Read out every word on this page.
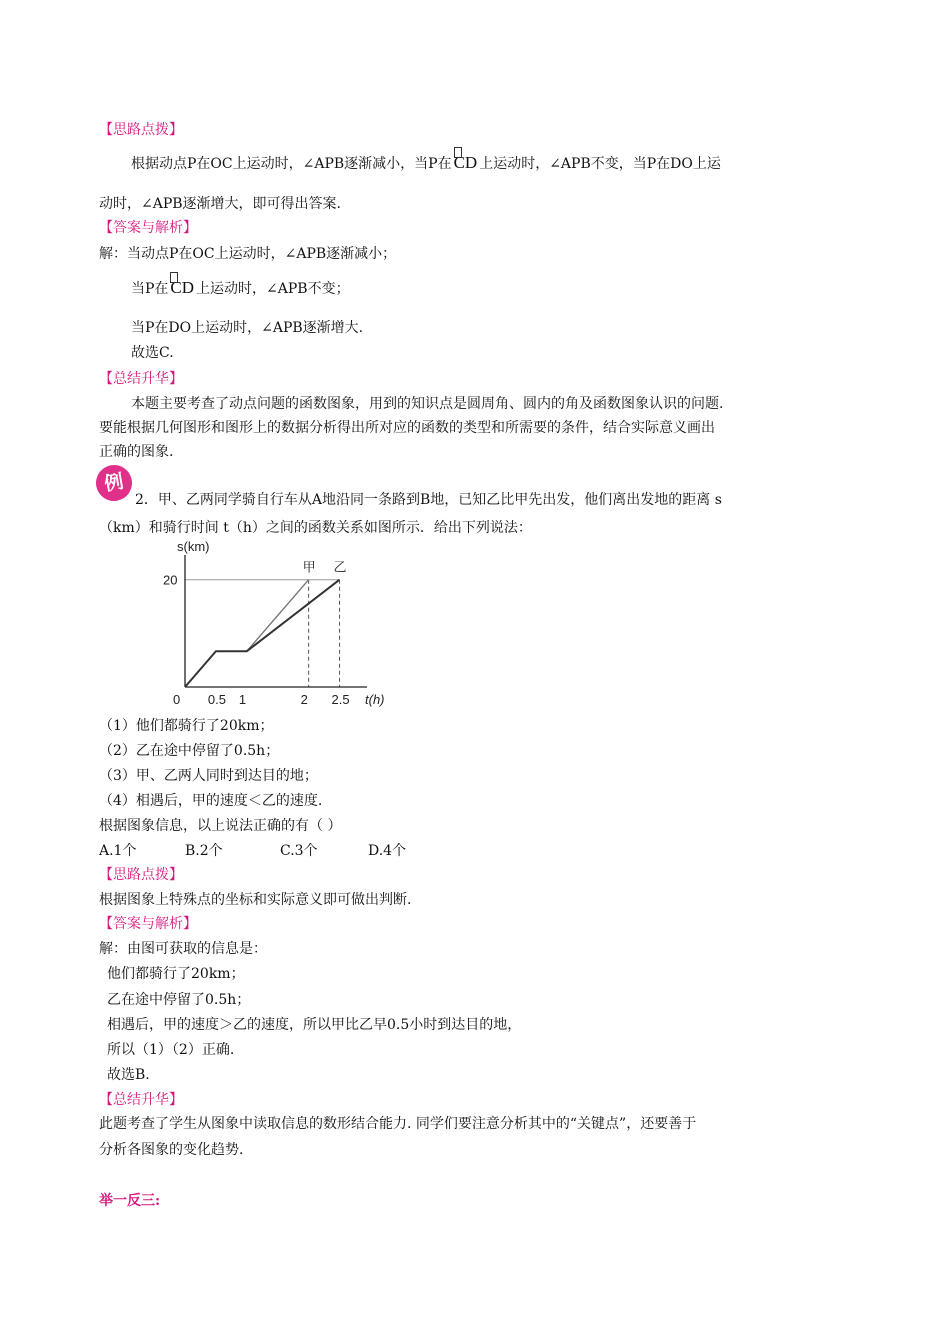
【思路点拨】
根据动点P在OC上运动时，∠APB逐渐减小，当P在 CD 上运动时，∠APB不变，当P在DO上运
动时，∠APB逐渐增大，即可得出答案.
【答案与解析】
解：当动点P在OC上运动时，∠APB逐渐减小；
当P在 CD 上运动时，∠APB不变；
当P在DO上运动时，∠APB逐渐增大.
故选C.
【总结升华】
本题主要考查了动点问题的函数图象，用到的知识点是圆周角、圆内的角及函数图象认识的问题.
要能根据几何图形和图形上的数据分析得出所对应的函数的类型和所需要的条件，结合实际意义画出
正确的图象.
例
2．甲、乙两同学骑自行车从A地沿同一条路到B地，已知乙比甲先出发，他们离出发地的距离 s
（km）和骑行时间 t（h）之间的函数关系如图所示．给出下列说法：
s(km)
t(h)
0 0.5 1	2 2.5
20
甲 乙
（1）他们都骑行了20km；
（2）乙在途中停留了0.5h；
（3）甲、乙两人同时到达目的地；
（4）相遇后，甲的速度＜乙的速度.
根据图象信息，以上说法正确的有（ ）
A.1个	B.2个	C.3个	D.4个
【思路点拨】
根据图象上特殊点的坐标和实际意义即可做出判断.
【答案与解析】
解：由图可获取的信息是：
他们都骑行了20km；
乙在途中停留了0.5h；
相遇后，甲的速度＞乙的速度，所以甲比乙早0.5小时到达目的地，
所以（1）（2）正确.
故选B.
【总结升华】
此题考查了学生从图象中读取信息的数形结合能力. 同学们要注意分析其中的“关键点”，还要善于
分析各图象的变化趋势.
举一反三:
